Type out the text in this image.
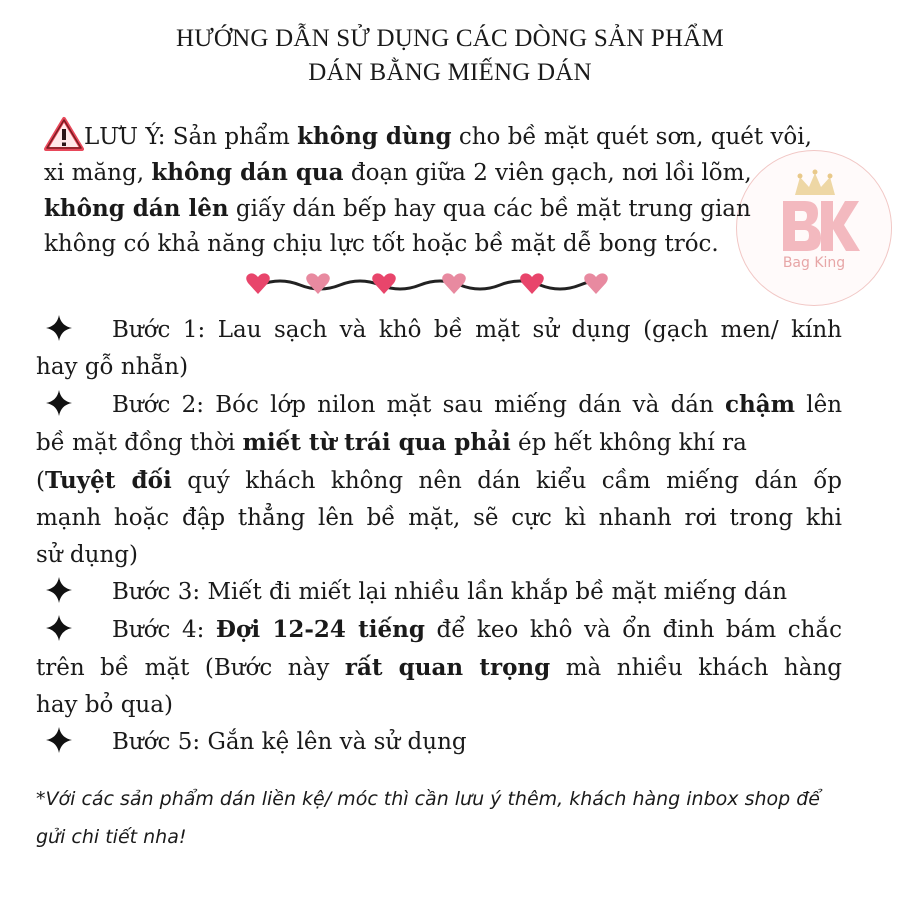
HƯỚNG DẪN SỬ DỤNG CÁC DÒNG SẢN PHẨM
DÁN BẰNG MIẾNG DÁN
Bag King
LƯU Ý: Sản phẩm không dùng cho bề mặt quét sơn, quét vôi,
xi măng, không dán qua đoạn giữa 2 viên gạch, nơi lồi lõm,
không dán lên giấy dán bếp hay qua các bề mặt trung gian
không có khả năng chịu lực tốt hoặc bề mặt dễ bong tróc.
Bước 1: Lau sạch và khô bề mặt sử dụng (gạch men/ kính
hay gỗ nhẵn)
Bước 2: Bóc lớp nilon mặt sau miếng dán và dán chậm lên
bề mặt đồng thời miết từ trái qua phải ép hết không khí ra
(Tuyệt đối quý khách không nên dán kiểu cầm miếng dán ốp
mạnh hoặc đập thẳng lên bề mặt, sẽ cực kì nhanh rơi trong khi
sử dụng)
Bước 3: Miết đi miết lại nhiều lần khắp bề mặt miếng dán
Bước 4: Đợi 12-24 tiếng để keo khô và ổn đinh bám chắc
trên bề mặt (Bước này rất quan trọng mà nhiều khách hàng
hay bỏ qua)
Bước 5: Gắn kệ lên và sử dụng
*Với các sản phẩm dán liền kệ/ móc thì cần lưu ý thêm, khách hàng inbox shop để
gửi chi tiết nha!
